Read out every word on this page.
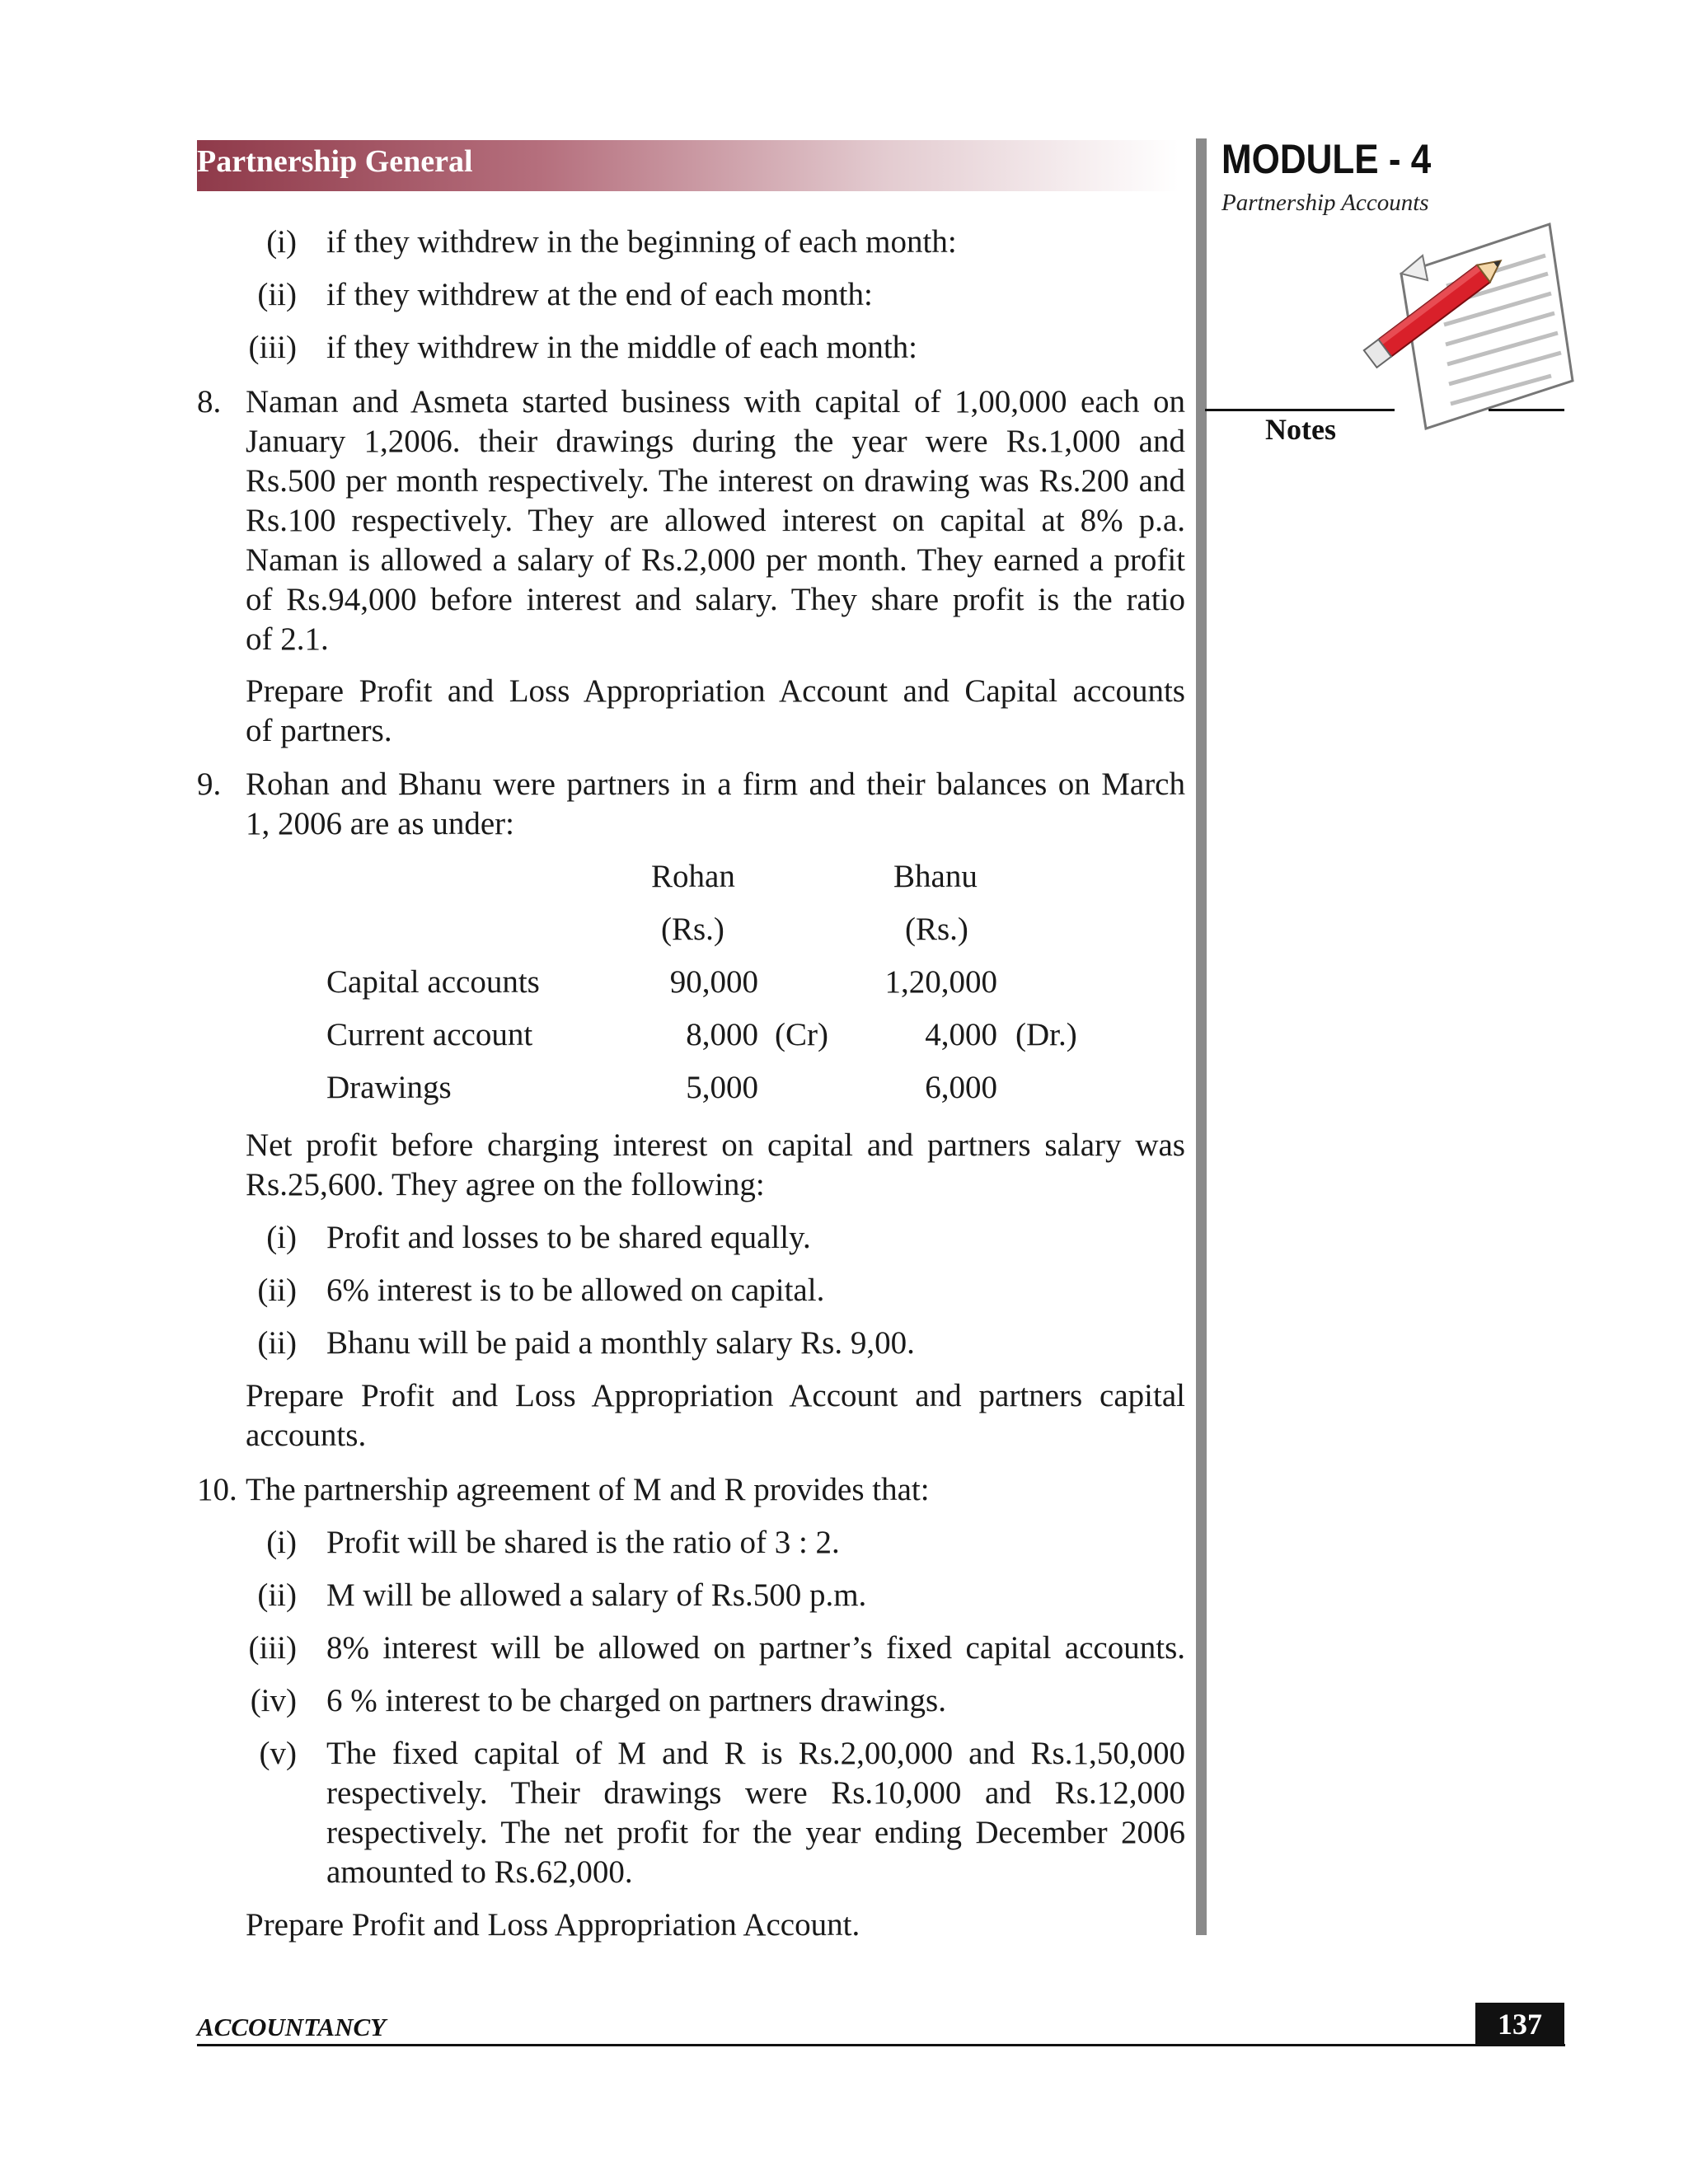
Partnership General	MODULE - 4
Partnership Accounts
Notes
(i) if they withdrew in the beginning of each month:
(ii) if they withdrew at the end of each month:
(iii) if they withdrew in the middle of each month:
8. Naman and Asmeta started business with capital of 1,00,000 each on
January 1,2006. their drawings during the year were Rs.1,000 and
Rs.500 per month respectively. The interest on drawing was Rs.200 and
Rs.100 respectively. They are allowed interest on capital at 8% p.a.
Naman is allowed a salary of Rs.2,000 per month. They earned a profit
of Rs.94,000 before interest and salary. They share profit is the ratio
of 2.1.
Prepare Profit and Loss Appropriation Account and Capital accounts
of partners.
9. Rohan and Bhanu were partners in a firm and their balances on March
1, 2006 are as under:
Rohan	Bhanu
(Rs.)	(Rs.)
Capital accounts	90,000	1,20,000
Current account	8,000 (Cr)	4,000 (Dr.)
Drawings	5,000	6,000
Net profit before charging interest on capital and partners salary was
Rs.25,600. They agree on the following:
(i) Profit and losses to be shared equally.
(ii) 6% interest is to be allowed on capital.
(ii) Bhanu will be paid a monthly salary Rs. 9,00.
Prepare Profit and Loss Appropriation Account and partners capital
accounts.
10. The partnership agreement of M and R provides that:
(i) Profit will be shared is the ratio of 3 : 2.
(ii) M will be allowed a salary of Rs.500 p.m.
(iii) 8% interest will be allowed on partner’s fixed capital accounts.
(iv) 6 % interest to be charged on partners drawings.
(v) The fixed capital of M and R is Rs.2,00,000 and Rs.1,50,000
respectively. Their drawings were Rs.10,000 and Rs.12,000
respectively. The net profit for the year ending December 2006
amounted to Rs.62,000.
Prepare Profit and Loss Appropriation Account.
ACCOUNTANCY	137
